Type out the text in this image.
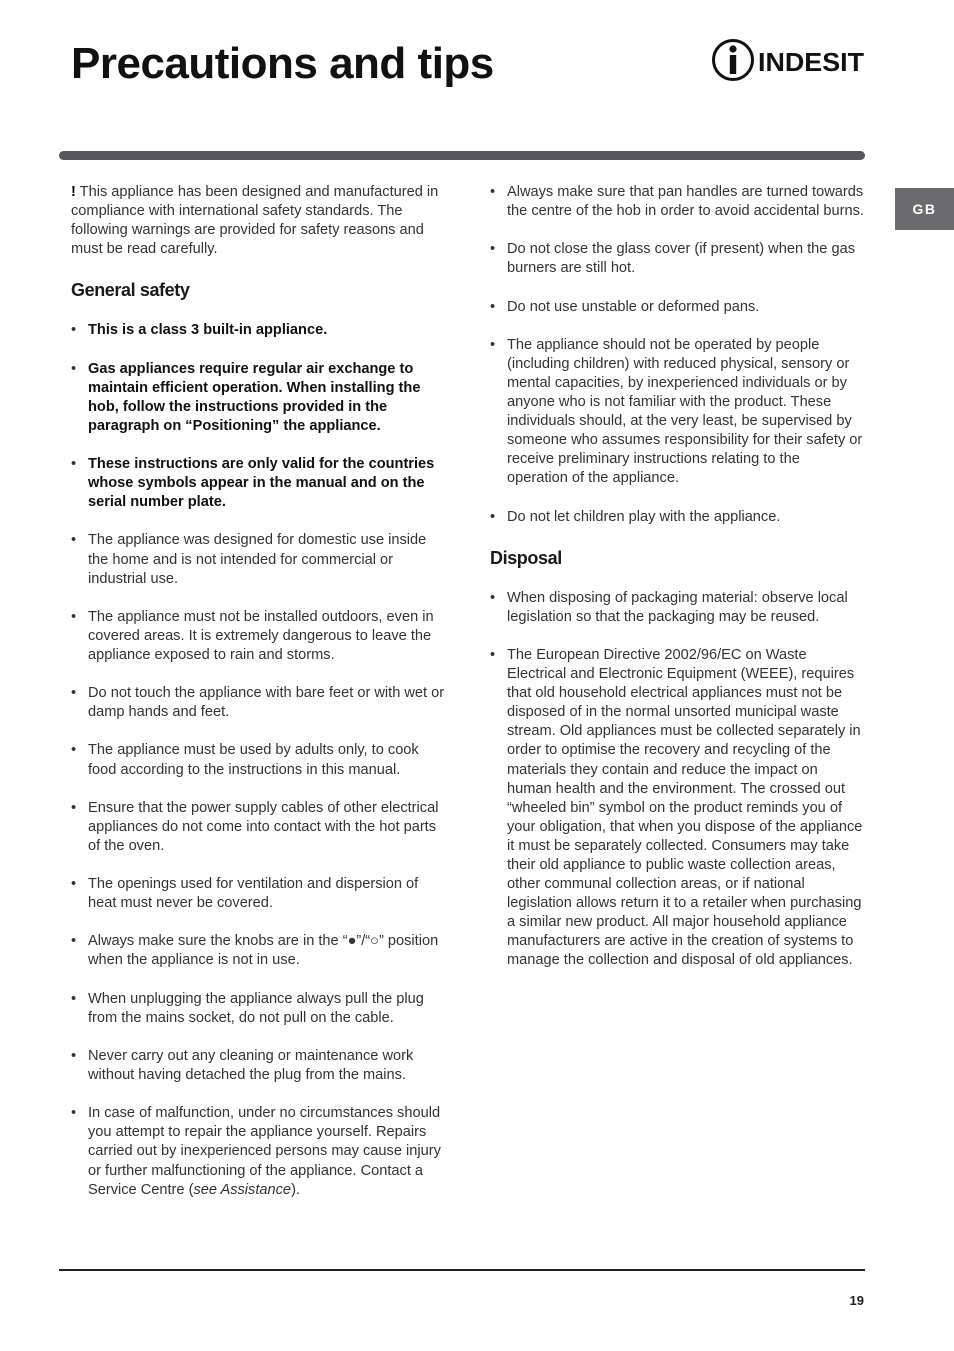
Precautions and tips	INDESIT
GB

! This appliance has been designed and manufactured in compliance with international safety standards. The following warnings are provided for safety reasons and must be read carefully.

General safety
• This is a class 3 built-in appliance.
• Gas appliances require regular air exchange to maintain efficient operation. When installing the hob, follow the instructions provided in the paragraph on “Positioning” the appliance.
• These instructions are only valid for the countries whose symbols appear in the manual and on the serial number plate.
• The appliance was designed for domestic use inside the home and is not intended for commercial or industrial use.
• The appliance must not be installed outdoors, even in covered areas. It is extremely dangerous to leave the appliance exposed to rain and storms.
• Do not touch the appliance with bare feet or with wet or damp hands and feet.
• The appliance must be used by adults only, to cook food according to the instructions in this manual.
• Ensure that the power supply cables of other electrical appliances do not come into contact with the hot parts of the oven.
• The openings used for ventilation and dispersion of heat must never be covered.
• Always make sure the knobs are in the “●”/“○” position when the appliance is not in use.
• When unplugging the appliance always pull the plug from the mains socket, do not pull on the cable.
• Never carry out any cleaning or maintenance work without having detached the plug from the mains.
• In case of malfunction, under no circumstances should you attempt to repair the appliance yourself. Repairs carried out by inexperienced persons may cause injury or further malfunctioning of the appliance. Contact a Service Centre (see Assistance).
• Always make sure that pan handles are turned towards the centre of the hob in order to avoid accidental burns.
• Do not close the glass cover (if present) when the gas burners are still hot.
• Do not use unstable or deformed pans.
• The appliance should not be operated by people (including children) with reduced physical, sensory or mental capacities, by inexperienced individuals or by anyone who is not familiar with the product. These individuals should, at the very least, be supervised by someone who assumes responsibility for their safety or receive preliminary instructions relating to the operation of the appliance.
• Do not let children play with the appliance.
Disposal
• When disposing of packaging material: observe local legislation so that the packaging may be reused.
• The European Directive 2002/96/EC on Waste Electrical and Electronic Equipment (WEEE), requires that old household electrical appliances must not be disposed of in the normal unsorted municipal waste stream. Old appliances must be collected separately in order to optimise the recovery and recycling of the materials they contain and reduce the impact on human health and the environment. The crossed out “wheeled bin” symbol on the product reminds you of your obligation, that when you dispose of the appliance it must be separately collected. Consumers may take their old appliance to public waste collection areas, other communal collection areas, or if national legislation allows return it to a retailer when purchasing a similar new product. All major household appliance manufacturers are active in the creation of systems to manage the collection and disposal of old appliances.
19
